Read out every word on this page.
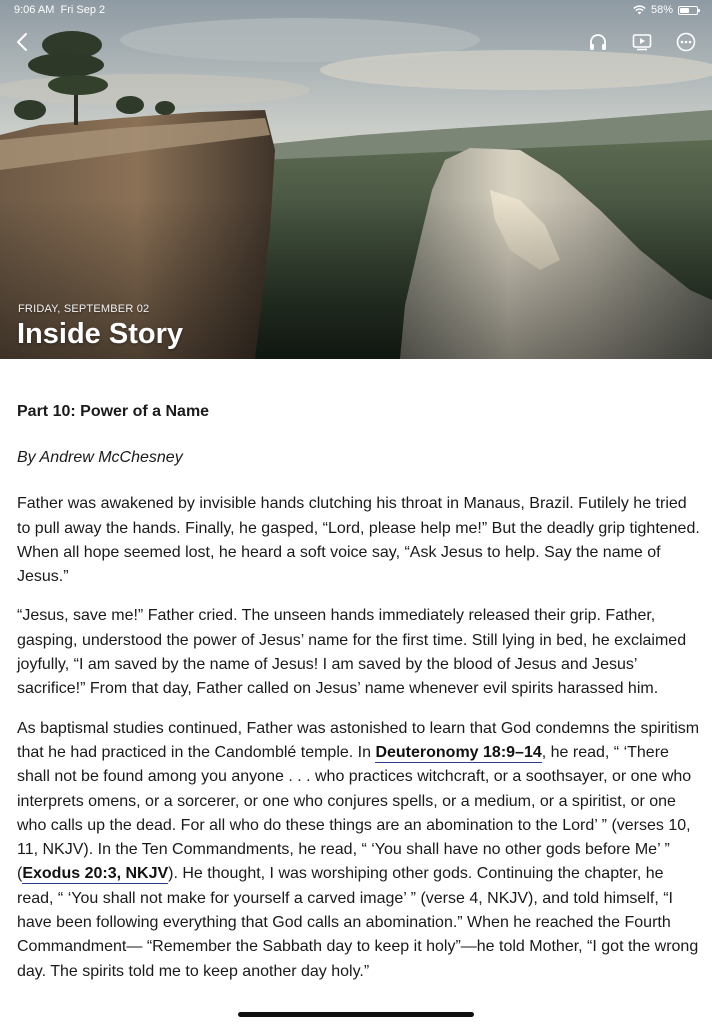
9:06 AM Fri Sep 2	58%
FRIDAY, SEPTEMBER 02
Inside Story
Part 10: Power of a Name

By Andrew McChesney

Father was awakened by invisible hands clutching his throat in Manaus, Brazil. Futilely he tried to pull away the hands. Finally, he gasped, “Lord, please help me!” But the deadly grip tightened. When all hope seemed lost, he heard a soft voice say, “Ask Jesus to help. Say the name of Jesus.”

“Jesus, save me!” Father cried. The unseen hands immediately released their grip. Father, gasping, understood the power of Jesus’ name for the first time. Still lying in bed, he exclaimed joyfully, “I am saved by the name of Jesus! I am saved by the blood of Jesus and Jesus’ sacrifice!” From that day, Father called on Jesus’ name whenever evil spirits harassed him.

As baptismal studies continued, Father was astonished to learn that God condemns the spiritism that he had practiced in the Candomblé temple. In Deuteronomy 18:9–14, he read, “ ‘There shall not be found among you anyone . . . who practices witchcraft, or a soothsayer, or one who interprets omens, or a sorcerer, or one who conjures spells, or a medium, or a spiritist, or one who calls up the dead. For all who do these things are an abomination to the Lord’ ” (verses 10, 11, NKJV). In the Ten Commandments, he read, “ ‘You shall have no other gods before Me’ ” (Exodus 20:3, NKJV). He thought, I was worshiping other gods. Continuing the chapter, he read, “ ‘You shall not make for yourself a carved image’ ” (verse 4, NKJV), and told himself, “I have been following everything that God calls an abomination.” When he reached the Fourth Commandment— “Remember the Sabbath day to keep it holy”—he told Mother, “I got the wrong day. The spirits told me to keep another day holy.”
